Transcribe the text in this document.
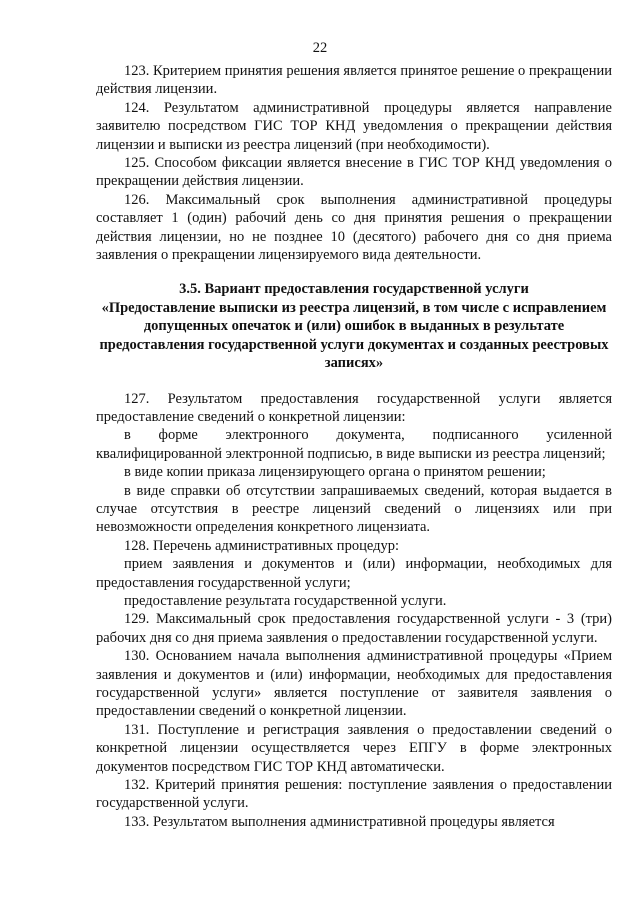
22

123. Критерием принятия решения является принятое решение о прекращении действия лицензии.

124. Результатом административной процедуры является направление заявителю посредством ГИС ТОР КНД уведомления о прекращении действия лицензии и выписки из реестра лицензий (при необходимости).

125. Способом фиксации является внесение в ГИС ТОР КНД уведомления о прекращении действия лицензии.

126. Максимальный срок выполнения административной процедуры составляет 1 (один) рабочий день со дня принятия решения о прекращении действия лицензии, но не позднее 10 (десятого) рабочего дня со дня приема заявления о прекращении лицензируемого вида деятельности.

3.5. Вариант предоставления государственной услуги
«Предоставление выписки из реестра лицензий, в том числе с исправлением допущенных опечаток и (или) ошибок в выданных в результате предоставления государственной услуги документах и созданных реестровых записях»

127. Результатом предоставления государственной услуги является предоставление сведений о конкретной лицензии:

в форме электронного документа, подписанного усиленной квалифицированной электронной подписью, в виде выписки из реестра лицензий;

в виде копии приказа лицензирующего органа о принятом решении;

в виде справки об отсутствии запрашиваемых сведений, которая выдается в случае отсутствия в реестре лицензий сведений о лицензиях или при невозможности определения конкретного лицензиата.

128. Перечень административных процедур:

прием заявления и документов и (или) информации, необходимых для предоставления государственной услуги;

предоставление результата государственной услуги.

129. Максимальный срок предоставления государственной услуги - 3 (три) рабочих дня со дня приема заявления о предоставлении государственной услуги.

130. Основанием начала выполнения административной процедуры «Прием заявления и документов и (или) информации, необходимых для предоставления государственной услуги» является поступление от заявителя заявления о предоставлении сведений о конкретной лицензии.

131. Поступление и регистрация заявления о предоставлении сведений о конкретной лицензии осуществляется через ЕПГУ в форме электронных документов посредством ГИС ТОР КНД автоматически.

132. Критерий принятия решения: поступление заявления о предоставлении государственной услуги.

133. Результатом выполнения административной процедуры является
